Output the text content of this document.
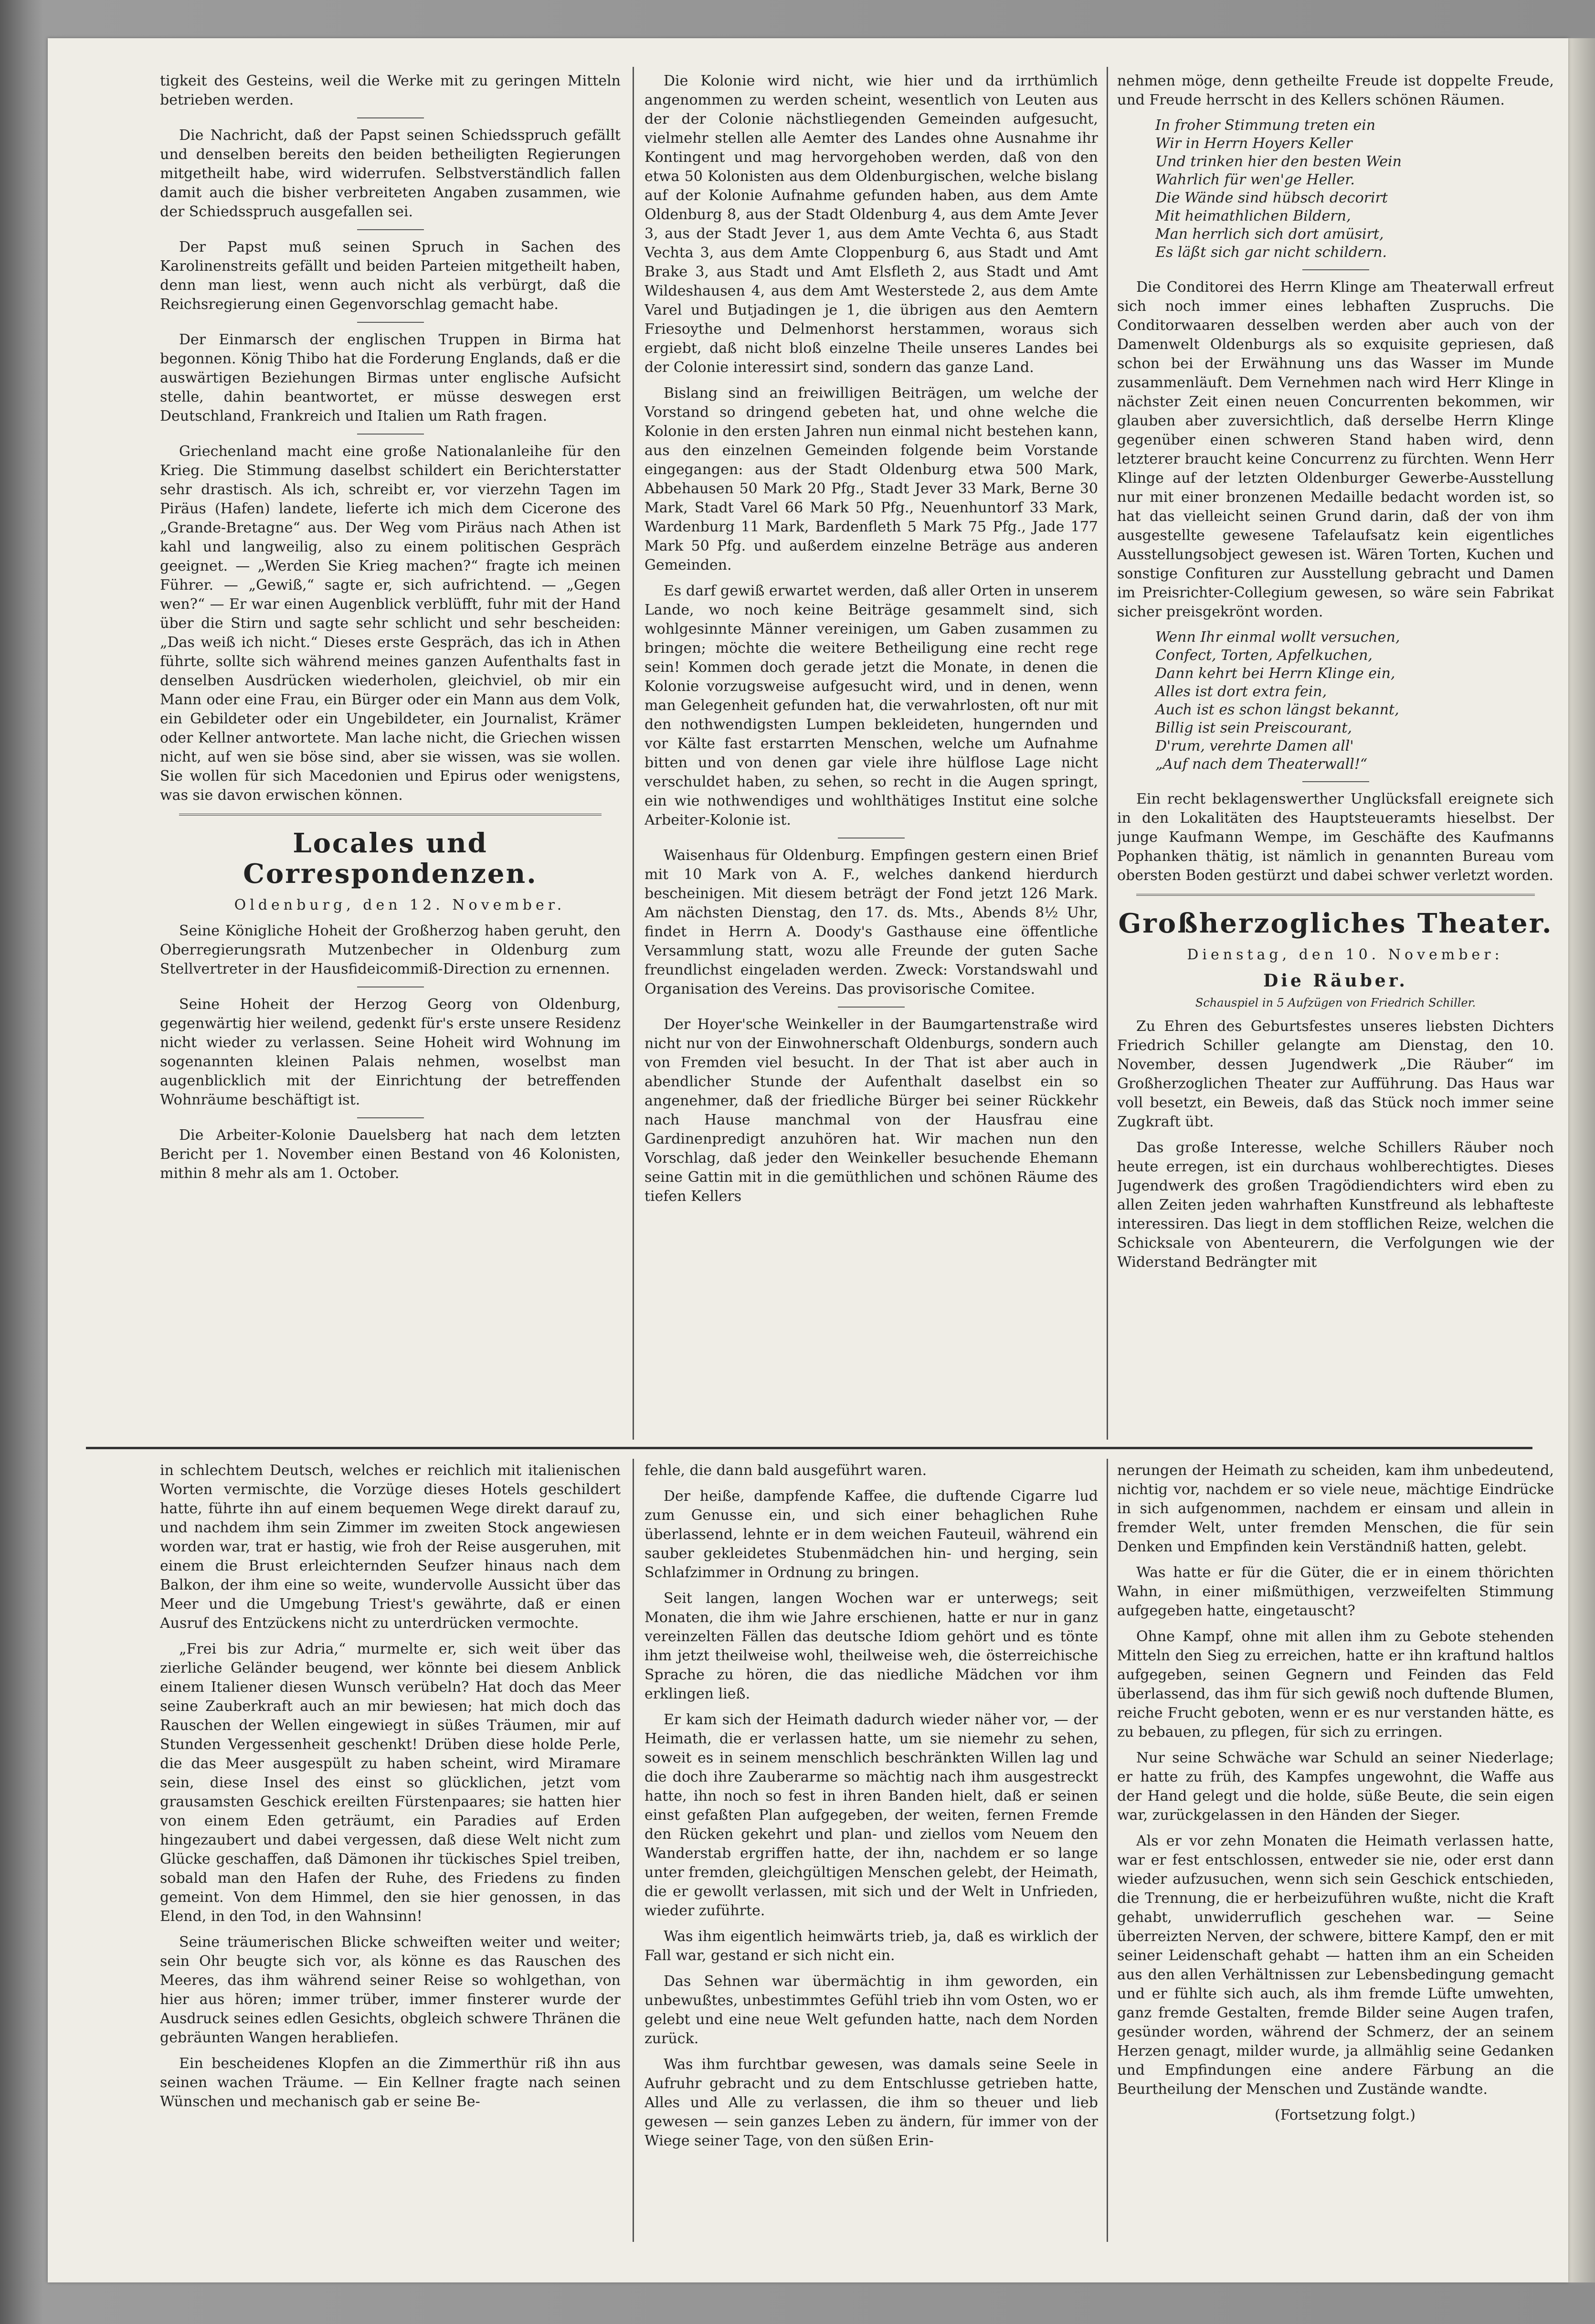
tigkeit des Gesteins, weil die Werke mit zu geringen Mitteln betrieben werden.

Die Nachricht, daß der Papst seinen Schiedsspruch gefällt und denselben bereits den beiden betheiligten Regierungen mitgetheilt habe, wird widerrufen. Selbstverständlich fallen damit auch die bisher verbreiteten Angaben zusammen, wie der Schiedsspruch ausgefallen sei.

Der Papst muß seinen Spruch in Sachen des Karolinenstreits gefällt und beiden Parteien mitgetheilt haben, denn man liest, wenn auch nicht als verbürgt, daß die Reichsregierung einen Gegenvorschlag gemacht habe.

Der Einmarsch der englischen Truppen in Birma hat begonnen. König Thibo hat die Forderung Englands, daß er die auswärtigen Beziehungen Birmas unter englische Aufsicht stelle, dahin beantwortet, er müsse deswegen erst Deutschland, Frankreich und Italien um Rath fragen.

Griechenland macht eine große Nationalanleihe für den Krieg. Die Stimmung daselbst schildert ein Berichterstatter sehr drastisch. Als ich, schreibt er, vor vierzehn Tagen im Piräus (Hafen) landete, lieferte ich mich dem Cicerone des „Grande-Bretagne“ aus. Der Weg vom Piräus nach Athen ist kahl und langweilig, also zu einem politischen Gespräch geeignet. — „Werden Sie Krieg machen?“ fragte ich meinen Führer. — „Gewiß,“ sagte er, sich aufrichtend. — „Gegen wen?“ — Er war einen Augenblick verblüfft, fuhr mit der Hand über die Stirn und sagte sehr schlicht und sehr bescheiden: „Das weiß ich nicht.“ Dieses erste Gespräch, das ich in Athen führte, sollte sich während meines ganzen Aufenthalts fast in denselben Ausdrücken wiederholen, gleichviel, ob mir ein Mann oder eine Frau, ein Bürger oder ein Mann aus dem Volk, ein Gebildeter oder ein Ungebildeter, ein Journalist, Krämer oder Kellner antwortete. Man lache nicht, die Griechen wissen nicht, auf wen sie böse sind, aber sie wissen, was sie wollen. Sie wollen für sich Macedonien und Epirus oder wenigstens, was sie davon erwischen können.

Locales und Correspondenzen.

Oldenburg, den 12. November.

Seine Königliche Hoheit der Großherzog haben geruht, den Oberregierungsrath Mutzenbecher in Oldenburg zum Stellvertreter in der Hausfideicommiß-Direction zu ernennen.

Seine Hoheit der Herzog Georg von Oldenburg, gegenwärtig hier weilend, gedenkt für's erste unsere Residenz nicht wieder zu verlassen. Seine Hoheit wird Wohnung im sogenannten kleinen Palais nehmen, woselbst man augenblicklich mit der Einrichtung der betreffenden Wohnräume beschäftigt ist.

Die Arbeiter-Kolonie Dauelsberg hat nach dem letzten Bericht per 1. November einen Bestand von 46 Kolonisten, mithin 8 mehr als am 1. October.

Die Kolonie wird nicht, wie hier und da irrthümlich angenommen zu werden scheint, wesentlich von Leuten aus der der Colonie nächstliegenden Gemeinden aufgesucht, vielmehr stellen alle Aemter des Landes ohne Ausnahme ihr Kontingent und mag hervorgehoben werden, daß von den etwa 50 Kolonisten aus dem Oldenburgischen, welche bislang auf der Kolonie Aufnahme gefunden haben, aus dem Amte Oldenburg 8, aus der Stadt Oldenburg 4, aus dem Amte Jever 3, aus der Stadt Jever 1, aus dem Amte Vechta 6, aus Stadt Vechta 3, aus dem Amte Cloppenburg 6, aus Stadt und Amt Brake 3, aus Stadt und Amt Elsfleth 2, aus Stadt und Amt Wildeshausen 4, aus dem Amt Westerstede 2, aus dem Amte Varel und Butjadingen je 1, die übrigen aus den Aemtern Friesoythe und Delmenhorst herstammen, woraus sich ergiebt, daß nicht bloß einzelne Theile unseres Landes bei der Colonie interessirt sind, sondern das ganze Land.

Bislang sind an freiwilligen Beiträgen, um welche der Vorstand so dringend gebeten hat, und ohne welche die Kolonie in den ersten Jahren nun einmal nicht bestehen kann, aus den einzelnen Gemeinden folgende beim Vorstande eingegangen: aus der Stadt Oldenburg etwa 500 Mark, Abbehausen 50 Mark 20 Pfg., Stadt Jever 33 Mark, Berne 30 Mark, Stadt Varel 66 Mark 50 Pfg., Neuenhuntorf 33 Mark, Wardenburg 11 Mark, Bardenfleth 5 Mark 75 Pfg., Jade 177 Mark 50 Pfg. und außerdem einzelne Beträge aus anderen Gemeinden.

Es darf gewiß erwartet werden, daß aller Orten in unserem Lande, wo noch keine Beiträge gesammelt sind, sich wohlgesinnte Männer vereinigen, um Gaben zusammen zu bringen; möchte die weitere Betheiligung eine recht rege sein! Kommen doch gerade jetzt die Monate, in denen die Kolonie vorzugsweise aufgesucht wird, und in denen, wenn man Gelegenheit gefunden hat, die verwahrlosten, oft nur mit den nothwendigsten Lumpen bekleideten, hungernden und vor Kälte fast erstarrten Menschen, welche um Aufnahme bitten und von denen gar viele ihre hülflose Lage nicht verschuldet haben, zu sehen, so recht in die Augen springt, ein wie nothwendiges und wohlthätiges Institut eine solche Arbeiter-Kolonie ist.

Waisenhaus für Oldenburg. Empfingen gestern einen Brief mit 10 Mark von A. F., welches dankend hierdurch bescheinigen. Mit diesem beträgt der Fond jetzt 126 Mark. Am nächsten Dienstag, den 17. ds. Mts., Abends 8½ Uhr, findet in Herrn A. Doody's Gasthause eine öffentliche Versammlung statt, wozu alle Freunde der guten Sache freundlichst eingeladen werden. Zweck: Vorstandswahl und Organisation des Vereins. Das provisorische Comitee.

Der Hoyer'sche Weinkeller in der Baumgartenstraße wird nicht nur von der Einwohnerschaft Oldenburgs, sondern auch von Fremden viel besucht. In der That ist aber auch in abendlicher Stunde der Aufenthalt daselbst ein so angenehmer, daß der friedliche Bürger bei seiner Rückkehr nach Hause manchmal von der Hausfrau eine Gardinenpredigt anzuhören hat. Wir machen nun den Vorschlag, daß jeder den Weinkeller besuchende Ehemann seine Gattin mit in die gemüthlichen und schönen Räume des tiefen Kellers

nehmen möge, denn getheilte Freude ist doppelte Freude, und Freude herrscht in des Kellers schönen Räumen.

In froher Stimmung treten ein
Wir in Herrn Hoyers Keller
Und trinken hier den besten Wein
Wahrlich für wen'ge Heller.
Die Wände sind hübsch decorirt
Mit heimathlichen Bildern,
Man herrlich sich dort amüsirt,
Es läßt sich gar nicht schildern.

Die Conditorei des Herrn Klinge am Theaterwall erfreut sich noch immer eines lebhaften Zuspruchs. Die Conditorwaaren desselben werden aber auch von der Damenwelt Oldenburgs als so exquisite gepriesen, daß schon bei der Erwähnung uns das Wasser im Munde zusammenläuft. Dem Vernehmen nach wird Herr Klinge in nächster Zeit einen neuen Concurrenten bekommen, wir glauben aber zuversichtlich, daß derselbe Herrn Klinge gegenüber einen schweren Stand haben wird, denn letzterer braucht keine Concurrenz zu fürchten. Wenn Herr Klinge auf der letzten Oldenburger Gewerbe-Ausstellung nur mit einer bronzenen Medaille bedacht worden ist, so hat das vielleicht seinen Grund darin, daß der von ihm ausgestellte gewesene Tafelaufsatz kein eigentliches Ausstellungsobject gewesen ist. Wären Torten, Kuchen und sonstige Confituren zur Ausstellung gebracht und Damen im Preisrichter-Collegium gewesen, so wäre sein Fabrikat sicher preisgekrönt worden.

Wenn Ihr einmal wollt versuchen,
Confect, Torten, Apfelkuchen,
Dann kehrt bei Herrn Klinge ein,
Alles ist dort extra fein,
Auch ist es schon längst bekannt,
Billig ist sein Preiscourant,
D'rum, verehrte Damen all'
„Auf nach dem Theaterwall!“

Ein recht beklagenswerther Unglücksfall ereignete sich in den Lokalitäten des Hauptsteueramts hieselbst. Der junge Kaufmann Wempe, im Geschäfte des Kaufmanns Pophanken thätig, ist nämlich in genannten Bureau vom obersten Boden gestürzt und dabei schwer verletzt worden.

Großherzogliches Theater.

Dienstag, den 10. November:

Die Räuber.
Schauspiel in 5 Aufzügen von Friedrich Schiller.

Zu Ehren des Geburtsfestes unseres liebsten Dichters Friedrich Schiller gelangte am Dienstag, den 10. November, dessen Jugendwerk „Die Räuber“ im Großherzoglichen Theater zur Aufführung. Das Haus war voll besetzt, ein Beweis, daß das Stück noch immer seine Zugkraft übt.

Das große Interesse, welche Schillers Räuber noch heute erregen, ist ein durchaus wohlberechtigtes. Dieses Jugendwerk des großen Tragödiendichters wird eben zu allen Zeiten jeden wahrhaften Kunstfreund als lebhafteste interessiren. Das liegt in dem stofflichen Reize, welchen die Schicksale von Abenteurern, die Verfolgungen wie der Widerstand Bedrängter mit

in schlechtem Deutsch, welches er reichlich mit italienischen Worten vermischte, die Vorzüge dieses Hotels geschildert hatte, führte ihn auf einem bequemen Wege direkt darauf zu, und nachdem ihm sein Zimmer im zweiten Stock angewiesen worden war, trat er hastig, wie froh der Reise ausgeruhen, mit einem die Brust erleichternden Seufzer hinaus nach dem Balkon, der ihm eine so weite, wundervolle Aussicht über das Meer und die Umgebung Triest's gewährte, daß er einen Ausruf des Entzückens nicht zu unterdrücken vermochte.

„Frei bis zur Adria,“ murmelte er, sich weit über das zierliche Geländer beugend, wer könnte bei diesem Anblick einem Italiener diesen Wunsch verübeln? Hat doch das Meer seine Zauberkraft auch an mir bewiesen; hat mich doch das Rauschen der Wellen eingewiegt in süßes Träumen, mir auf Stunden Vergessenheit geschenkt! Drüben diese holde Perle, die das Meer ausgespült zu haben scheint, wird Miramare sein, diese Insel des einst so glücklichen, jetzt vom grausamsten Geschick ereilten Fürstenpaares; sie hatten hier von einem Eden geträumt, ein Paradies auf Erden hingezaubert und dabei vergessen, daß diese Welt nicht zum Glücke geschaffen, daß Dämonen ihr tückisches Spiel treiben, sobald man den Hafen der Ruhe, des Friedens zu finden gemeint. Von dem Himmel, den sie hier genossen, in das Elend, in den Tod, in den Wahnsinn!

Seine träumerischen Blicke schweiften weiter und weiter; sein Ohr beugte sich vor, als könne es das Rauschen des Meeres, das ihm während seiner Reise so wohlgethan, von hier aus hören; immer trüber, immer finsterer wurde der Ausdruck seines edlen Gesichts, obgleich schwere Thränen die gebräunten Wangen herabliefen.

Ein bescheidenes Klopfen an die Zimmerthür riß ihn aus seinen wachen Träume. — Ein Kellner fragte nach seinen Wünschen und mechanisch gab er seine Be-

fehle, die dann bald ausgeführt waren.

Der heiße, dampfende Kaffee, die duftende Cigarre lud zum Genusse ein, und sich einer behaglichen Ruhe überlassend, lehnte er in dem weichen Fauteuil, während ein sauber gekleidetes Stubenmädchen hin- und herging, sein Schlafzimmer in Ordnung zu bringen.

Seit langen, langen Wochen war er unterwegs; seit Monaten, die ihm wie Jahre erschienen, hatte er nur in ganz vereinzelten Fällen das deutsche Idiom gehört und es tönte ihm jetzt theilweise wohl, theilweise weh, die österreichische Sprache zu hören, die das niedliche Mädchen vor ihm erklingen ließ.

Er kam sich der Heimath dadurch wieder näher vor, — der Heimath, die er verlassen hatte, um sie niemehr zu sehen, soweit es in seinem menschlich beschränkten Willen lag und die doch ihre Zauberarme so mächtig nach ihm ausgestreckt hatte, ihn noch so fest in ihren Banden hielt, daß er seinen einst gefaßten Plan aufgegeben, der weiten, fernen Fremde den Rücken gekehrt und plan- und ziellos vom Neuem den Wanderstab ergriffen hatte, der ihn, nachdem er so lange unter fremden, gleichgültigen Menschen gelebt, der Heimath, die er gewollt verlassen, mit sich und der Welt in Unfrieden, wieder zuführte.

Was ihm eigentlich heimwärts trieb, ja, daß es wirklich der Fall war, gestand er sich nicht ein.

Das Sehnen war übermächtig in ihm geworden, ein unbewußtes, unbestimmtes Gefühl trieb ihn vom Osten, wo er gelebt und eine neue Welt gefunden hatte, nach dem Norden zurück.

Was ihm furchtbar gewesen, was damals seine Seele in Aufruhr gebracht und zu dem Entschlusse getrieben hatte, Alles und Alle zu verlassen, die ihm so theuer und lieb gewesen — sein ganzes Leben zu ändern, für immer von der Wiege seiner Tage, von den süßen Erin-

nerungen der Heimath zu scheiden, kam ihm unbedeutend, nichtig vor, nachdem er so viele neue, mächtige Eindrücke in sich aufgenommen, nachdem er einsam und allein in fremder Welt, unter fremden Menschen, die für sein Denken und Empfinden kein Verständniß hatten, gelebt.

Was hatte er für die Güter, die er in einem thörichten Wahn, in einer mißmüthigen, verzweifelten Stimmung aufgegeben hatte, eingetauscht?

Ohne Kampf, ohne mit allen ihm zu Gebote stehenden Mitteln den Sieg zu erreichen, hatte er ihn kraftund haltlos aufgegeben, seinen Gegnern und Feinden das Feld überlassend, das ihm für sich gewiß noch duftende Blumen, reiche Frucht geboten, wenn er es nur verstanden hätte, es zu bebauen, zu pflegen, für sich zu erringen.

Nur seine Schwäche war Schuld an seiner Niederlage; er hatte zu früh, des Kampfes ungewohnt, die Waffe aus der Hand gelegt und die holde, süße Beute, die sein eigen war, zurückgelassen in den Händen der Sieger.

Als er vor zehn Monaten die Heimath verlassen hatte, war er fest entschlossen, entweder sie nie, oder erst dann wieder aufzusuchen, wenn sich sein Geschick entschieden, die Trennung, die er herbeizuführen wußte, nicht die Kraft gehabt, unwiderruflich geschehen war. — Seine überreizten Nerven, der schwere, bittere Kampf, den er mit seiner Leidenschaft gehabt — hatten ihm an ein Scheiden aus den allen Verhältnissen zur Lebensbedingung gemacht und er fühlte sich auch, als ihm fremde Lüfte umwehten, ganz fremde Gestalten, fremde Bilder seine Augen trafen, gesünder worden, während der Schmerz, der an seinem Herzen genagt, milder wurde, ja allmählig seine Gedanken und Empfindungen eine andere Färbung an die Beurtheilung der Menschen und Zustände wandte.

(Fortsetzung folgt.)
